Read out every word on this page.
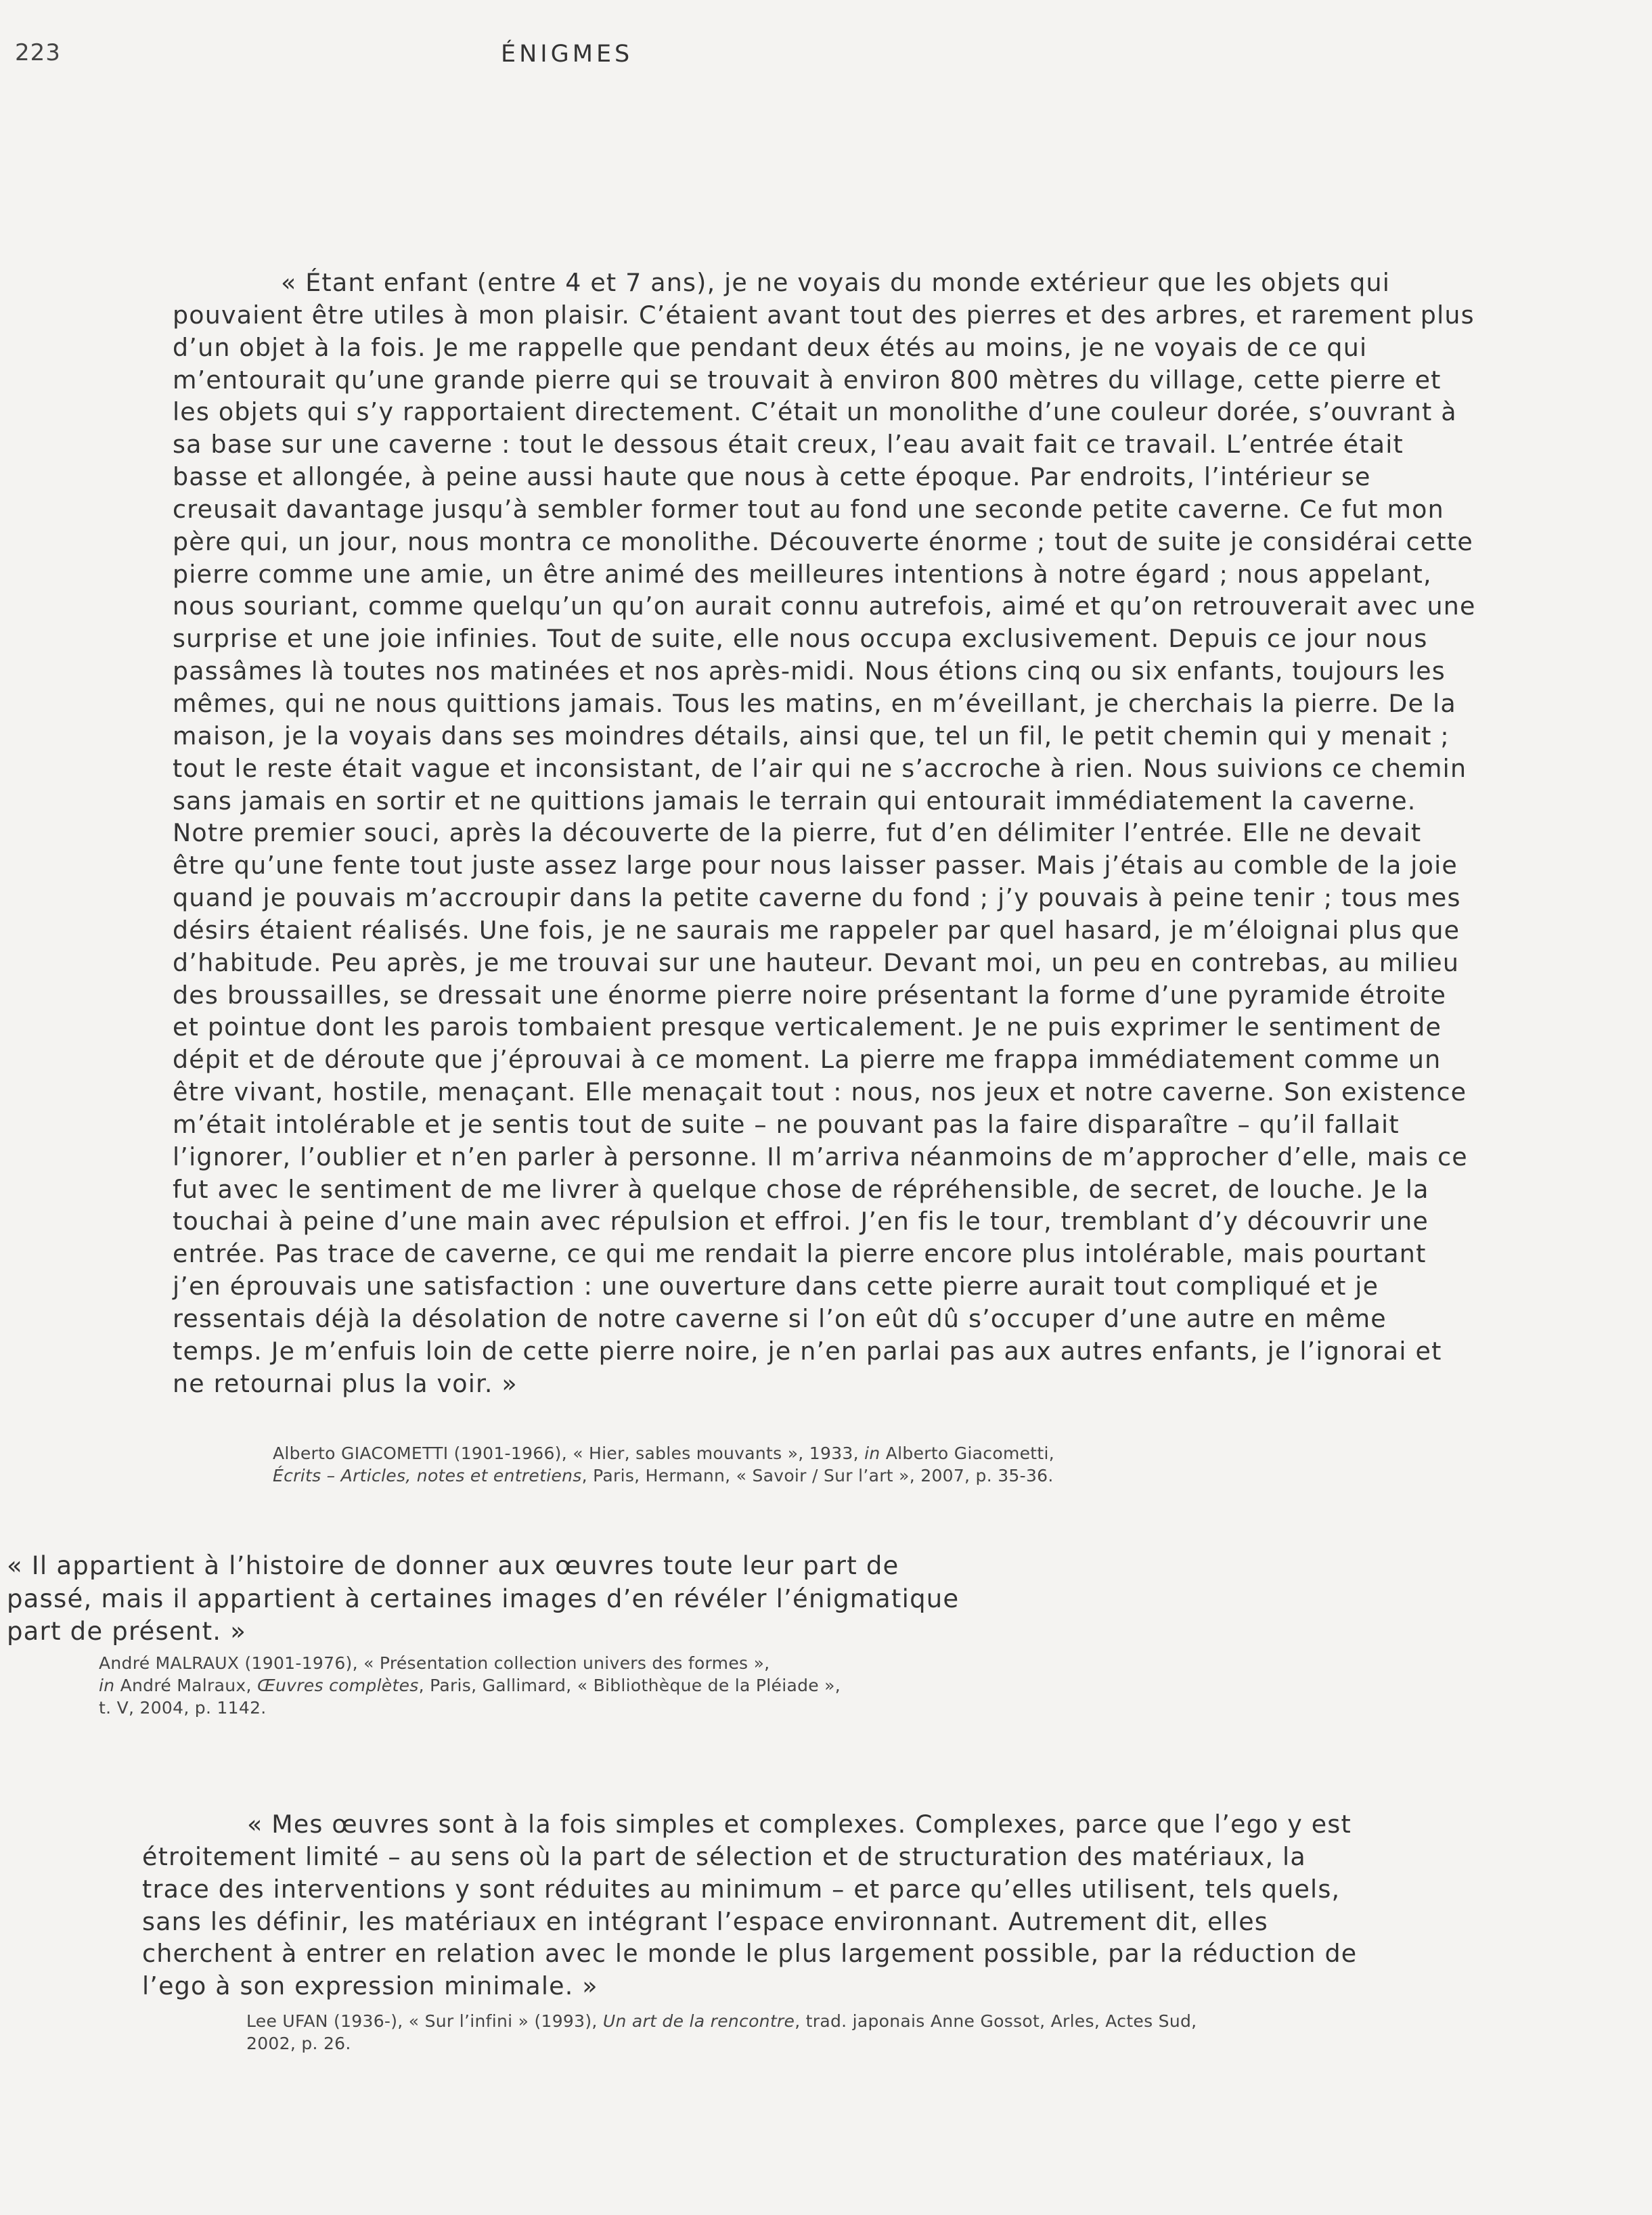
223	ÉNIGMES

« Étant enfant (entre 4 et 7 ans), je ne voyais du monde extérieur que les objets qui pouvaient être utiles à mon plaisir. C’étaient avant tout des pierres et des arbres, et rarement plus d’un objet à la fois. Je me rappelle que pendant deux étés au moins, je ne voyais de ce qui m’entourait qu’une grande pierre qui se trouvait à environ 800 mètres du village, cette pierre et les objets qui s’y rapportaient directement. C’était un monolithe d’une couleur dorée, s’ouvrant à sa base sur une caverne : tout le dessous était creux, l’eau avait fait ce travail. L’entrée était basse et allongée, à peine aussi haute que nous à cette époque. Par endroits, l’intérieur se creusait davantage jusqu’à sembler former tout au fond une seconde petite caverne. Ce fut mon père qui, un jour, nous montra ce monolithe. Découverte énorme ; tout de suite je considérai cette pierre comme une amie, un être animé des meilleures intentions à notre égard ; nous appelant, nous souriant, comme quelqu’un qu’on aurait connu autrefois, aimé et qu’on retrouverait avec une surprise et une joie infinies. Tout de suite, elle nous occupa exclusivement. Depuis ce jour nous passâmes là toutes nos matinées et nos après-midi. Nous étions cinq ou six enfants, toujours les mêmes, qui ne nous quittions jamais. Tous les matins, en m’éveillant, je cherchais la pierre. De la maison, je la voyais dans ses moindres détails, ainsi que, tel un fil, le petit chemin qui y menait ; tout le reste était vague et inconsistant, de l’air qui ne s’accroche à rien. Nous suivions ce chemin sans jamais en sortir et ne quittions jamais le terrain qui entourait immédiatement la caverne. Notre premier souci, après la découverte de la pierre, fut d’en délimiter l’entrée. Elle ne devait être qu’une fente tout juste assez large pour nous laisser passer. Mais j’étais au comble de la joie quand je pouvais m’accroupir dans la petite caverne du fond ; j’y pouvais à peine tenir ; tous mes désirs étaient réalisés. Une fois, je ne saurais me rappeler par quel hasard, je m’éloignai plus que d’habitude. Peu après, je me trouvai sur une hauteur. Devant moi, un peu en contrebas, au milieu des broussailles, se dressait une énorme pierre noire présentant la forme d’une pyramide étroite et pointue dont les parois tombaient presque verticalement. Je ne puis exprimer le sentiment de dépit et de déroute que j’éprouvai à ce moment. La pierre me frappa immédiatement comme un être vivant, hostile, menaçant. Elle menaçait tout : nous, nos jeux et notre caverne. Son existence m’était intolérable et je sentis tout de suite – ne pouvant pas la faire disparaître – qu’il fallait l’ignorer, l’oublier et n’en parler à personne. Il m’arriva néanmoins de m’approcher d’elle, mais ce fut avec le sentiment de me livrer à quelque chose de répréhensible, de secret, de louche. Je la touchai à peine d’une main avec répulsion et effroi. J’en fis le tour, tremblant d’y découvrir une entrée. Pas trace de caverne, ce qui me rendait la pierre encore plus intolérable, mais pourtant j’en éprouvais une satisfaction : une ouverture dans cette pierre aurait tout compliqué et je ressentais déjà la désolation de notre caverne si l’on eût dû s’occuper d’une autre en même temps. Je m’enfuis loin de cette pierre noire, je n’en parlai pas aux autres enfants, je l’ignorai et ne retournai plus la voir. »

Alberto GIACOMETTI (1901-1966), « Hier, sables mouvants », 1933, in Alberto Giacometti,
Écrits – Articles, notes et entretiens, Paris, Hermann, « Savoir / Sur l’art », 2007, p. 35-36.

« Il appartient à l’histoire de donner aux œuvres toute leur part de passé, mais il appartient à certaines images d’en révéler l’énigmatique part de présent. »

André MALRAUX (1901-1976), « Présentation collection univers des formes »,
in André Malraux, Œuvres complètes, Paris, Gallimard, « Bibliothèque de la Pléiade »,
t. V, 2004, p. 1142.

« Mes œuvres sont à la fois simples et complexes. Complexes, parce que l’ego y est étroitement limité – au sens où la part de sélection et de structuration des matériaux, la trace des interventions y sont réduites au minimum – et parce qu’elles utilisent, tels quels, sans les définir, les matériaux en intégrant l’espace environnant. Autrement dit, elles cherchent à entrer en relation avec le monde le plus largement possible, par la réduction de l’ego à son expression minimale. »

Lee UFAN (1936-), « Sur l’infini » (1993), Un art de la rencontre, trad. japonais Anne Gossot, Arles, Actes Sud,
2002, p. 26.
